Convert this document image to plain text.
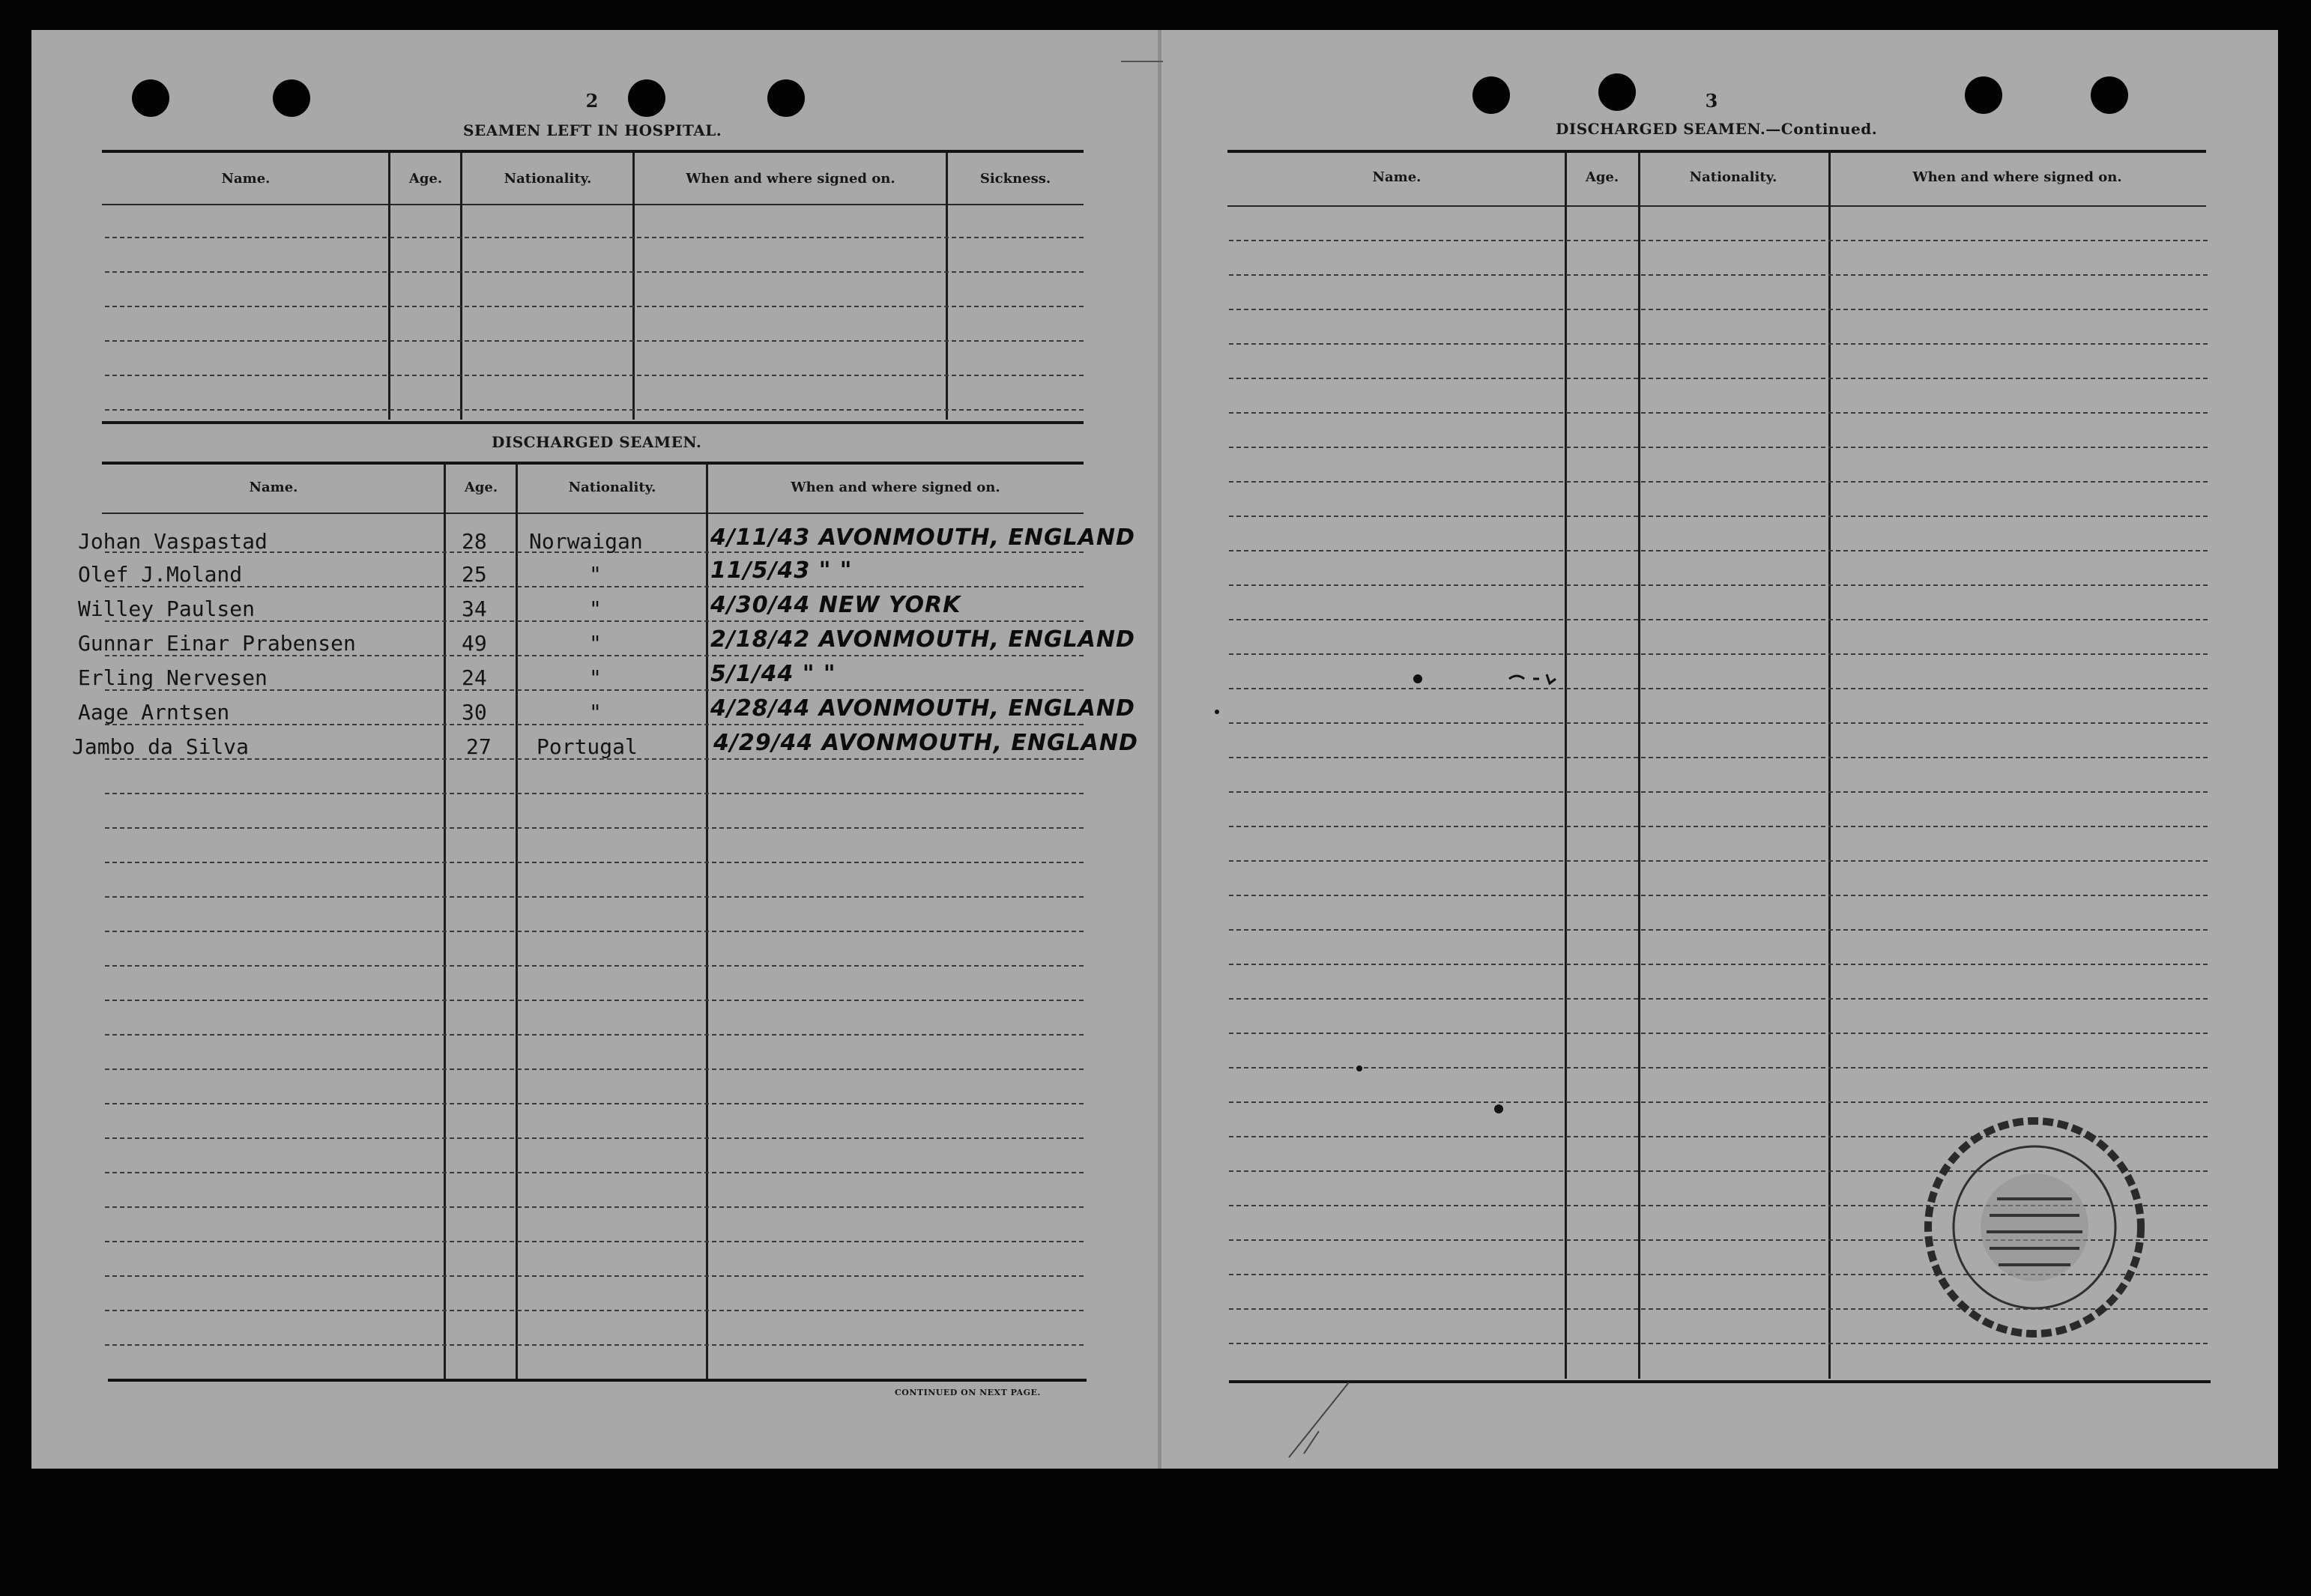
2
SEAMEN LEFT IN HOSPITAL.
Name.	Age.	Nationality.	When and where signed on.	Sickness.
DISCHARGED SEAMEN.
Name.	Age.	Nationality.	When and where signed on.
Johan Vaspastad	28 Norwaigan	4/11/43 AVONMOUTH, ENGLAND
Olef J.Moland	25	"	11/5/43 " "
Willey Paulsen	34	"	4/30/44 NEW YORK
Gunnar Einar Prabensen	49	"	2/18/42 AVONMOUTH, ENGLAND
Erling Nervesen	24	"	5/1/44 " "
Aage Arntsen	30	"	4/28/44 AVONMOUTH, ENGLAND
Jambo da Silva	27 Portugal	4/29/44 AVONMOUTH, ENGLAND
CONTINUED ON NEXT PAGE.
3
DISCHARGED SEAMEN.—Continued.
Name.	Age.	Nationality.	When and where signed on.
